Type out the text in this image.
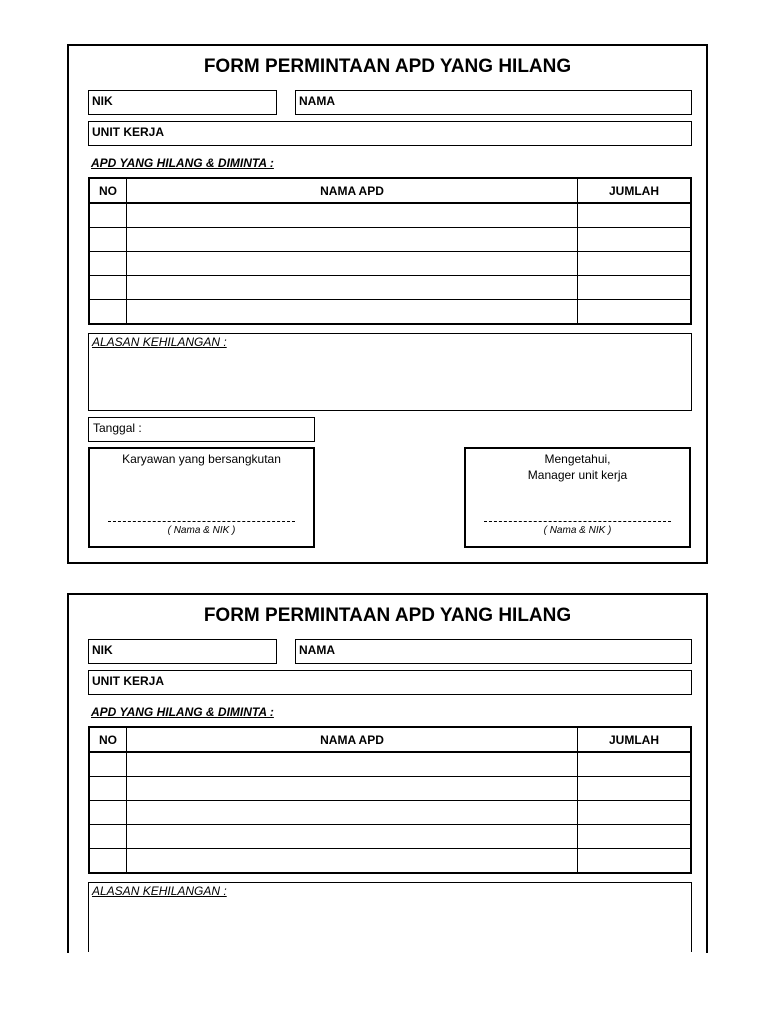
FORM PERMINTAAN APD YANG HILANG
NIK	NAMA
UNIT KERJA
APD YANG HILANG & DIMINTA :
NO	NAMA APD	JUMLAH

ALASAN KEHILANGAN :
Tanggal :
Karyawan yang bersangkutan
( Nama & NIK )
Mengetahui,
Manager unit kerja
( Nama & NIK )
FORM PERMINTAAN APD YANG HILANG
NIK	NAMA
UNIT KERJA
APD YANG HILANG & DIMINTA :
NO	NAMA APD	JUMLAH

ALASAN KEHILANGAN :
